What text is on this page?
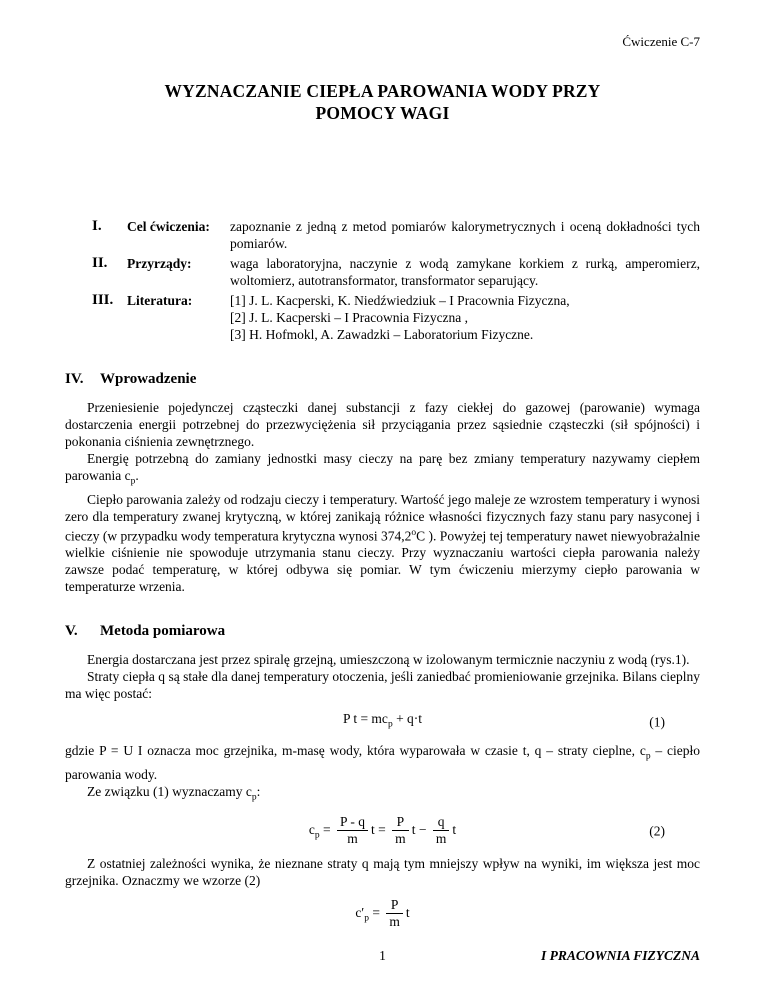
Ćwiczenie C-7
WYZNACZANIE CIEPŁA PAROWANIA WODY PRZY
POMOCY WAGI
I.	Cel ćwiczenia:	zapoznanie z jedną z metod pomiarów kalorymetrycznych i oceną dokładności tych pomiarów.
II.	Przyrządy:	waga laboratoryjna, naczynie z wodą zamykane korkiem z rurką, amperomierz, woltomierz, autotransformator, transformator separujący.
III.	Literatura:	[1] J. L. Kacperski, K. Niedźwiedziuk – I Pracownia Fizyczna,
[2] J. L. Kacperski – I Pracownia Fizyczna ,
[3] H. Hofmokl, A. Zawadzki – Laboratorium Fizyczne.
IV.	Wprowadzenie

Przeniesienie pojedynczej cząsteczki danej substancji z fazy ciekłej do gazowej (parowanie) wymaga dostarczenia energii potrzebnej do przezwyciężenia sił przyciągania przez sąsiednie cząsteczki (sił spójności) i pokonania ciśnienia zewnętrznego.

Energię potrzebną do zamiany jednostki masy cieczy na parę bez zmiany temperatury nazywamy ciepłem parowania $c_p$.

Ciepło parowania zależy od rodzaju cieczy i temperatury. Wartość jego maleje ze wzrostem temperatury i wynosi zero dla temperatury zwanej krytyczną, w której zanikają różnice własności fizycznych fazy stanu pary nasyconej i cieczy (w przypadku wody temperatura krytyczna wynosi 374,2$^o$C ). Powyżej tej temperatury nawet niewyobrażalnie wielkie ciśnienie nie spowoduje utrzymania stanu cieczy. Przy wyznaczaniu wartości ciepła parowania należy zawsze podać temperaturę, w której odbywa się pomiar. W tym ćwiczeniu mierzymy ciepło parowania w temperaturze wrzenia.

V.	Metoda pomiarowa

Energia dostarczana jest przez spiralę grzejną, umieszczoną w izolowanym termicznie naczyniu z wodą (rys.1).

Straty ciepła q są stałe dla danej temperatury otoczenia, jeśli zaniedbać promieniowanie grzejnika. Bilans cieplny ma więc postać:

P $t = mc_p + q\cdot t$	(1)

gdzie P = U I oznacza moc grzejnika, m-masę wody, która wyparowała w czasie t, q – straty cieplne, $c_p$ – ciepło parowania wody.

Ze związku (1) wyznaczamy $c_p$:

$c_p = \frac{P - q}{m}$ $t = \frac{P}{m}$ $t - \frac{q}{m}$ t	(2)

Z ostatniej zależności wynika, że nieznane straty q mają tym mniejszy wpływ na wyniki, im większa jest moc grzejnika. Oznaczmy we wzorze (2)

$c'_p = \frac{P}{m}$ t
1	I PRACOWNIA FIZYCZNA
